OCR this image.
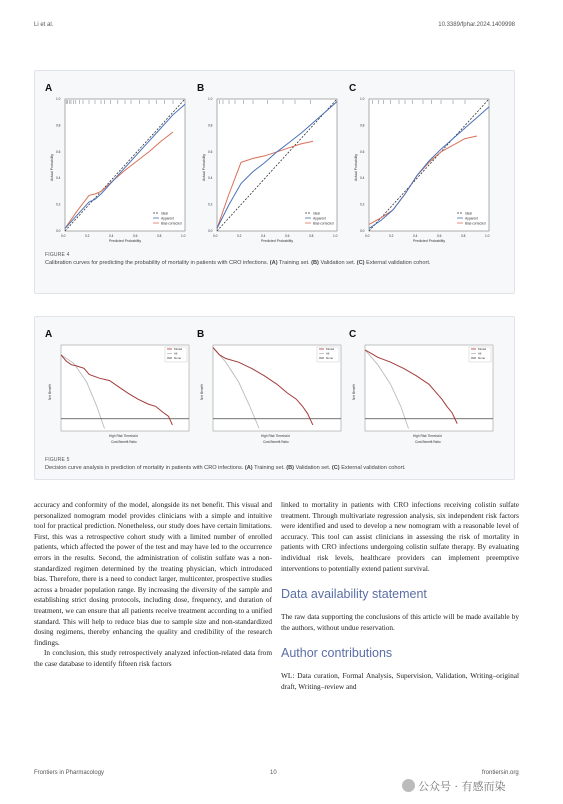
Li et al.	10.3389/fphar.2024.1409998
A
0.0
0.0
0.2
0.2
0.4
0.4
0.6
0.6
0.8
0.8
1.0
1.0
Predicted Probability
Actual Probability
Ideal
Apparent
Bias-corrected
B
0.0
0.0
0.2
0.2
0.4
0.4
0.6
0.6
0.8
0.8
1.0
1.0
Predicted Probability
Actual Probability
Ideal
Apparent
Bias-corrected
C
0.0
0.0
0.2
0.2
0.4
0.4
0.6
0.6
0.8
0.8
1.0
1.0
Predicted Probability
Actual Probability
Ideal
Apparent
Bias-corrected
FIGURE 4
Calibration curves for predicting the probability of mortality in patients with CRO infections. (A) Training set. (B) Validation set. (C) External validation cohort.
A
Net Benefit
High Risk Threshold
Cost:Benefit Ratio
Model
All
None
B
Net Benefit
High Risk Threshold
Cost:Benefit Ratio
Model
All
None
C
Net Benefit
High Risk Threshold
Cost:Benefit Ratio
Model
All
None
FIGURE 5
Decision curve analysis in prediction of mortality in patients with CRO infections. (A) Training set. (B) Validation set. (C) External validation cohort.

accuracy and conformity of the model, alongside its net benefit. This visual and personalized nomogram model provides clinicians with a simple and intuitive tool for practical prediction. Nonetheless, our study does have certain limitations. First, this was a retrospective cohort study with a limited number of enrolled patients, which affected the power of the test and may have led to the occurrence errors in the results. Second, the administration of colistin sulfate was a non-standardized regimen determined by the treating physician, which introduced bias. Therefore, there is a need to conduct larger, multicenter, prospective studies across a broader population range. By increasing the diversity of the sample and establishing strict dosing protocols, including dose, frequency, and duration of treatment, we can ensure that all patients receive treatment according to a unified standard. This will help to reduce bias due to sample size and non-standardized dosing regimens, thereby enhancing the quality and credibility of the research findings.

In conclusion, this study retrospectively analyzed infection-related data from the case database to identify fifteen risk factors

linked to mortality in patients with CRO infections receiving colistin sulfate treatment. Through multivariate regression analysis, six independent risk factors were identified and used to develop a new nomogram with a reasonable level of accuracy. This tool can assist clinicians in assessing the risk of mortality in patients with CRO infections undergoing colistin sulfate therapy. By evaluating individual risk levels, healthcare providers can implement preemptive interventions to potentially extend patient survival.

Data availability statement

The raw data supporting the conclusions of this article will be made available by the authors, without undue reservation.

Author contributions

WL: Data curation, Formal Analysis, Supervision, Validation, Writing–original draft, Writing–review and

Frontiers in Pharmacology	10	frontiersin.org
公众号 · 有感而染
